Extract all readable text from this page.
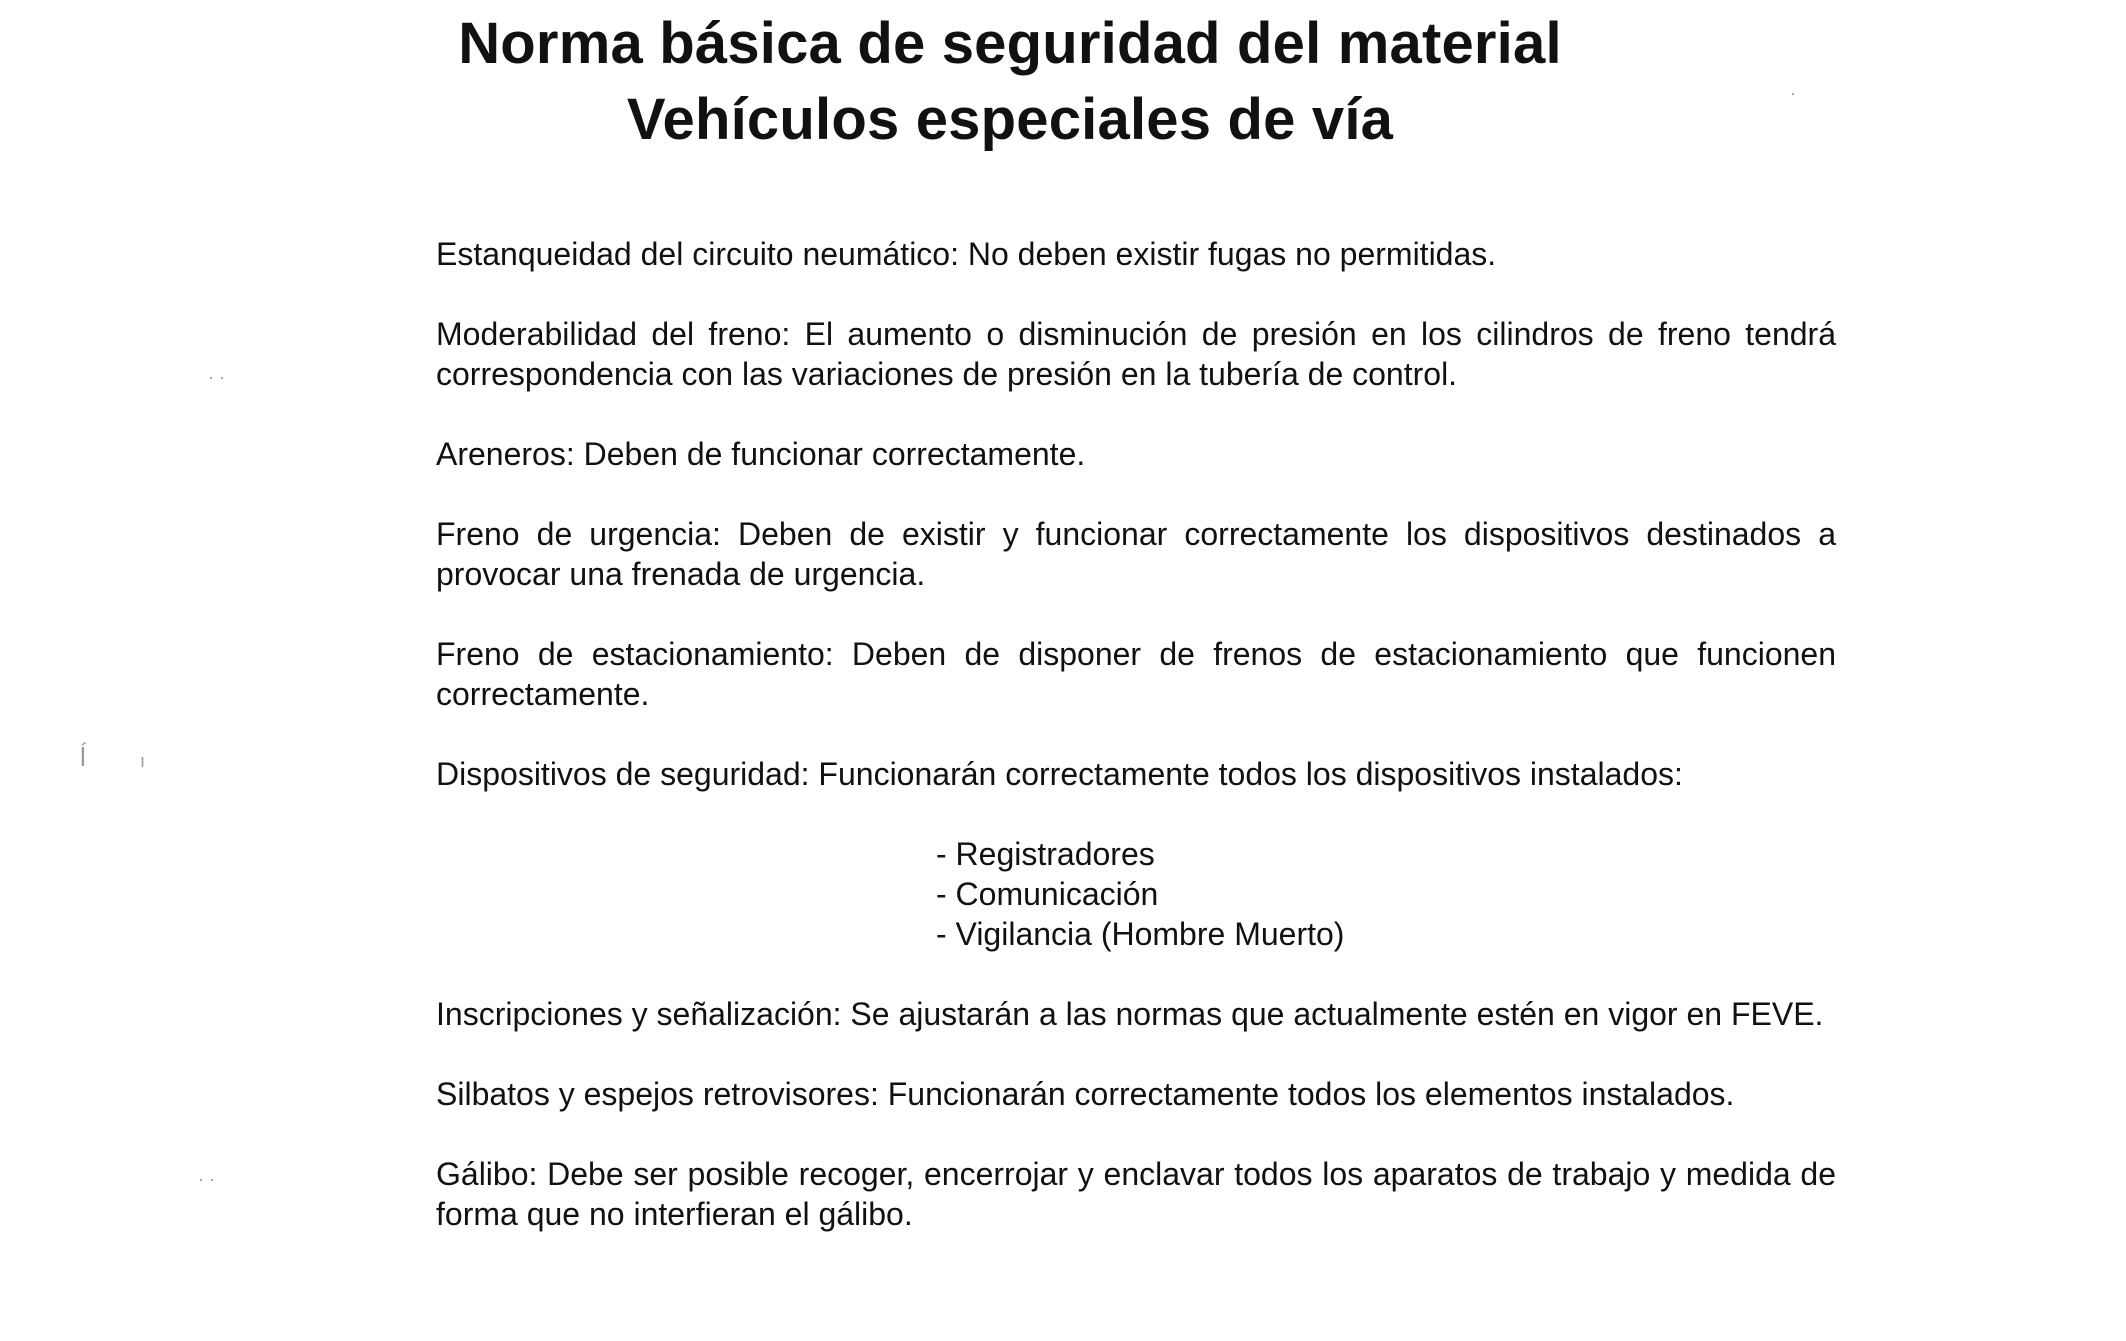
Norma básica de seguridad del material

Vehículos especiales de vía

Estanqueidad del circuito neumático: No deben existir fugas no permitidas.

Moderabilidad del freno: El aumento o disminución de presión en los cilindros de freno tendrá correspondencia con las variaciones de presión en la tubería de control.

Areneros: Deben de funcionar correctamente.

Freno de urgencia: Deben de existir y funcionar correctamente los dispositivos destinados a provocar una frenada de urgencia.

Freno de estacionamiento: Deben de disponer de frenos de estacionamiento que funcionen correctamente.

Dispositivos de seguridad: Funcionarán correctamente todos los dispositivos instalados:

- Registradores
- Comunicación
- Vigilancia (Hombre Muerto)

Inscripciones y señalización: Se ajustarán a las normas que actualmente estén en vigor en FEVE.

Silbatos y espejos retrovisores: Funcionarán correctamente todos los elementos instalados.

Gálibo: Debe ser posible recoger, encerrojar y enclavar todos los aparatos de trabajo y medida de forma que no interfieran el gálibo.

· ·
ĺ	ı
· ·
·
